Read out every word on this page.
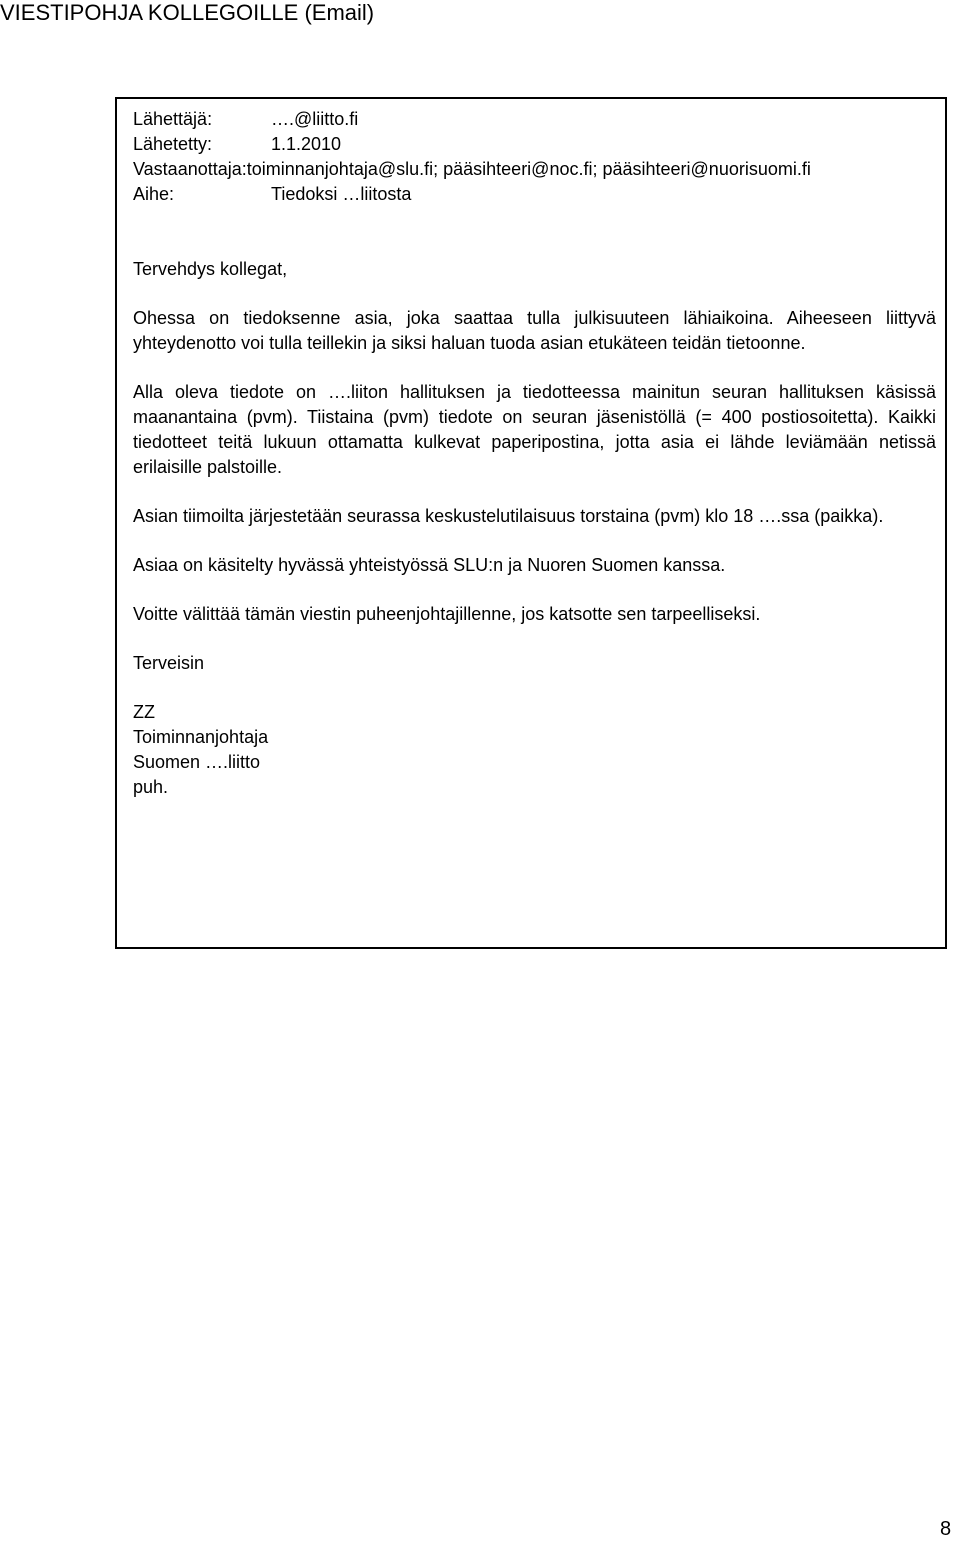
VIESTIPOHJA KOLLEGOILLE (Email)
Lähettäjä:	….@liitto.fi
Lähetetty:	1.1.2010
Vastaanottaja: toiminnanjohtaja@slu.fi; pääsihteeri@noc.fi; pääsihteeri@nuorisuomi.fi
Aihe:	Tiedoksi …liitosta

Tervehdys kollegat,

Ohessa on tiedoksenne asia, joka saattaa tulla julkisuuteen lähiaikoina. Aiheeseen liittyvä yhteydenotto voi tulla teillekin ja siksi haluan tuoda asian etukäteen teidän tietoonne.

Alla oleva tiedote on ….liiton hallituksen ja tiedotteessa mainitun seuran hallituksen käsissä maanantaina (pvm). Tiistaina (pvm) tiedote on seuran jäsenistöllä (= 400 postiosoitetta). Kaikki tiedotteet teitä lukuun ottamatta kulkevat paperipostina, jotta asia ei lähde leviämään netissä erilaisille palstoille.

Asian tiimoilta järjestetään seurassa keskustelutilaisuus torstaina (pvm) klo 18 ….ssa (paikka).

Asiaa on käsitelty hyvässä yhteistyössä SLU:n ja Nuoren Suomen kanssa.

Voitte välittää tämän viestin puheenjohtajillenne, jos katsotte sen tarpeelliseksi.

Terveisin

ZZ
Toiminnanjohtaja
Suomen ….liitto
puh.
8
